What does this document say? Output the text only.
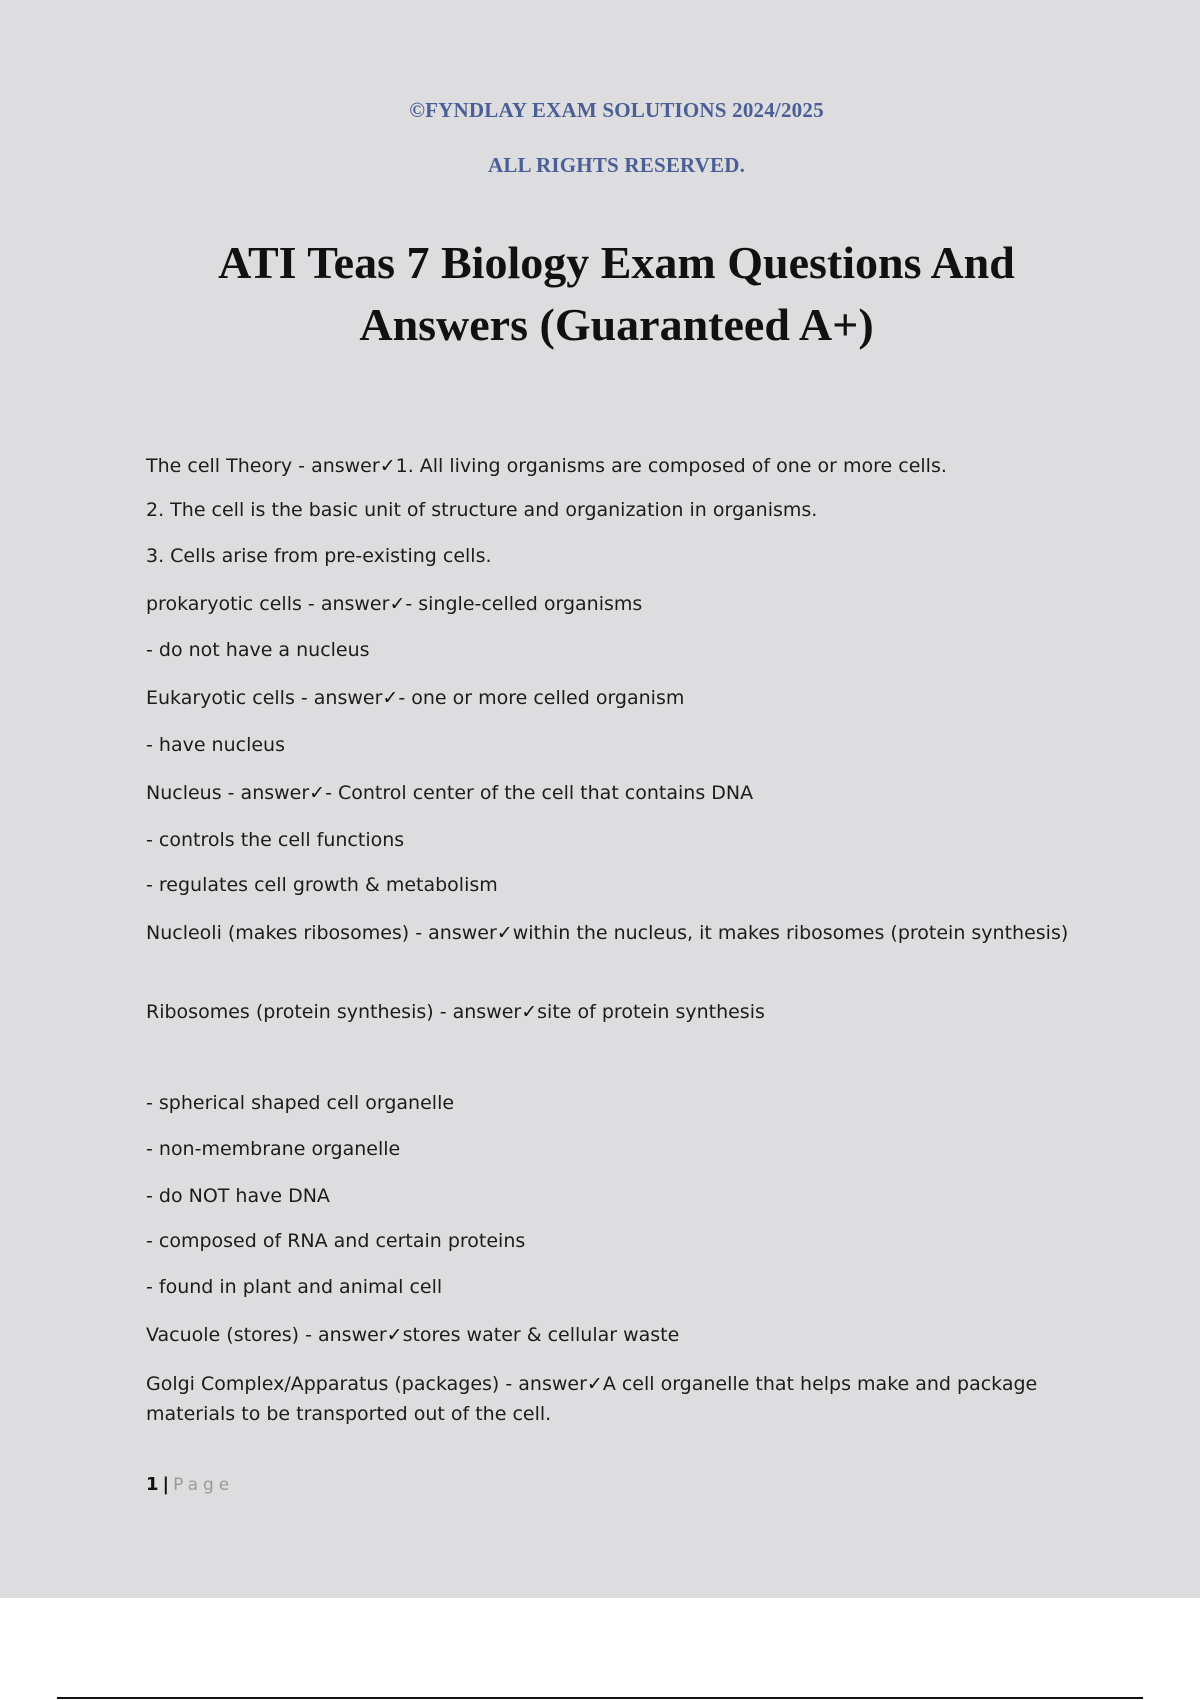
©FYNDLAY EXAM SOLUTIONS 2024/2025
ALL RIGHTS RESERVED.
ATI Teas 7 Biology Exam Questions And Answers (Guaranteed A+)
The cell Theory - answer✓1. All living organisms are composed of one or more cells.
2. The cell is the basic unit of structure and organization in organisms.
3. Cells arise from pre-existing cells.
prokaryotic cells - answer✓- single-celled organisms
- do not have a nucleus
Eukaryotic cells - answer✓- one or more celled organism
- have nucleus
Nucleus - answer✓- Control center of the cell that contains DNA
- controls the cell functions
- regulates cell growth & metabolism
Nucleoli (makes ribosomes) - answer✓within the nucleus, it makes ribosomes (protein synthesis)
Ribosomes (protein synthesis) - answer✓site of protein synthesis
- spherical shaped cell organelle
- non-membrane organelle
- do NOT have DNA
- composed of RNA and certain proteins
- found in plant and animal cell
Vacuole (stores) - answer✓stores water & cellular waste
Golgi Complex/Apparatus (packages) - answer✓A cell organelle that helps make and package materials to be transported out of the cell.
1 | Page
